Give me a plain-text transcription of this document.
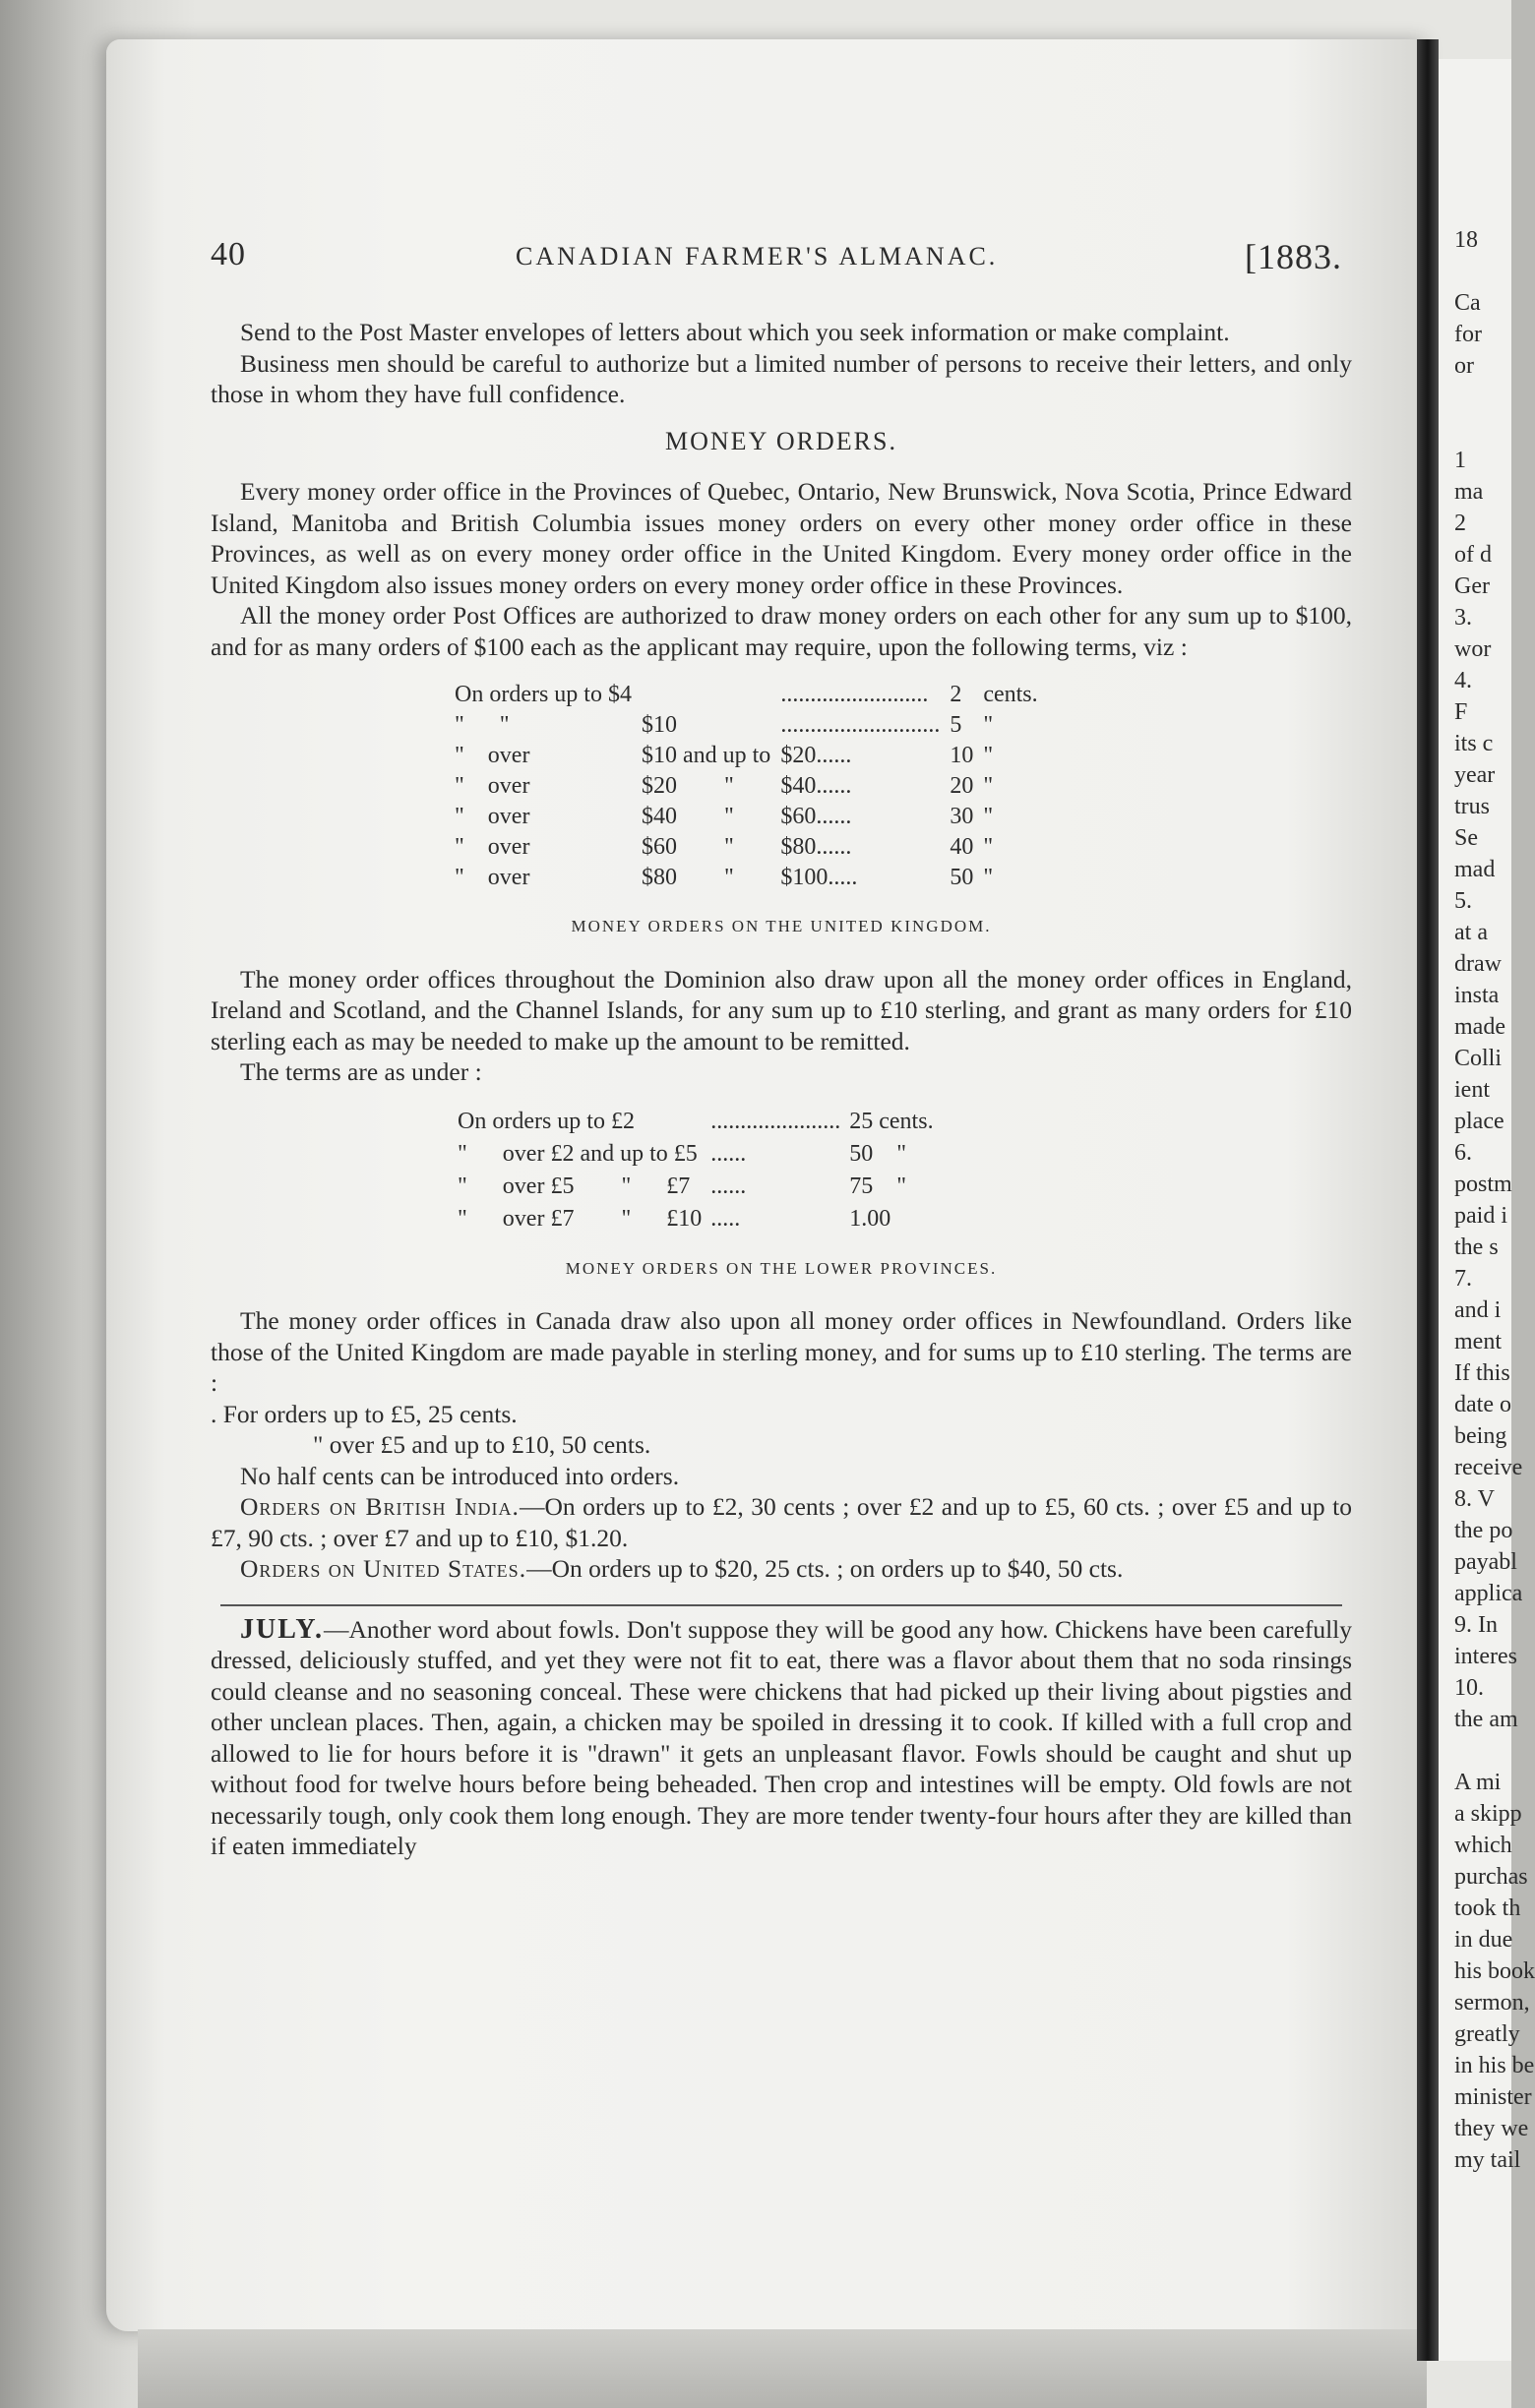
18

Ca
for
or

1
ma
2
of d
Ger
3.
wor
4.
F
its c
year
trus
Se
mad
5.
at a
draw
insta
made
Colli
ient
place
6.
postm
paid i
the s
7.
and i
ment
If this
date o
being
receive
8. V
the po
payabl
applica
9. In
interes
10.
the am

A mi
a skipp
which
purchas
took th
in due
his book
sermon,
greatly
in his be
minister
they we
my tail
40	CANADIAN FARMER'S ALMANAC.	[1883.

Send to the Post Master envelopes of letters about which you seek information or make complaint.

Business men should be careful to authorize but a limited number of persons to receive their letters, and only those in whom they have full confidence.

MONEY ORDERS.

Every money order office in the Provinces of Quebec, Ontario, New Brunswick, Nova Scotia, Prince Edward Island, Manitoba and British Columbia issues money orders on every other money order office in these Provinces, as well as on every money order office in the United Kingdom. Every money order office in the United Kingdom also issues money orders on every money order office in these Provinces.

All the money order Post Offices are authorized to draw money orders on each other for any sum up to $100, and for as many orders of $100 each as the applicant may require, upon the following terms, viz :

On orders up to $4		.........................	2	cents.
"      "	$10	...........................	5	"
"    over	$10 and up to	$20......	10	"
"    over	$20        "	$40......	20	"
"    over	$40        "	$60......	30	"
"    over	$60        "	$80......	40	"
"    over	$80        "	$100.....	50	"
MONEY ORDERS ON THE UNITED KINGDOM.

The money order offices throughout the Dominion also draw upon all the money order offices in England, Ireland and Scotland, and the Channel Islands, for any sum up to £10 sterling, and grant as many orders for £10 sterling each as may be needed to make up the amount to be remitted.

The terms are as under :

On orders up to £2	......................	25 cents.
"      over £2 and up to £5	......	50    "
"      over £5        "      £7	......	75    "
"      over £7        "      £10	.....	1.00
MONEY ORDERS ON THE LOWER PROVINCES.

The money order offices in Canada draw also upon all money order offices in Newfoundland. Orders like those of the United Kingdom are made payable in sterling money, and for sums up to £10 sterling. The terms are :

. For orders up to £5, 25 cents.
" over £5 and up to £10, 50 cents.

No half cents can be introduced into orders.

Orders on British India.—On orders up to £2, 30 cents ; over £2 and up to £5, 60 cts. ; over £5 and up to £7, 90 cts. ; over £7 and up to £10, $1.20.

Orders on United States.—On orders up to $20, 25 cts. ; on orders up to $40, 50 cts.

JULY.—Another word about fowls. Don't suppose they will be good any how. Chickens have been carefully dressed, deliciously stuffed, and yet they were not fit to eat, there was a flavor about them that no soda rinsings could cleanse and no seasoning conceal. These were chickens that had picked up their living about pigsties and other unclean places. Then, again, a chicken may be spoiled in dressing it to cook. If killed with a full crop and allowed to lie for hours before it is "drawn" it gets an unpleasant flavor. Fowls should be caught and shut up without food for twelve hours before being beheaded. Then crop and intestines will be empty. Old fowls are not necessarily tough, only cook them long enough. They are more tender twenty-four hours after they are killed than if eaten immediately
